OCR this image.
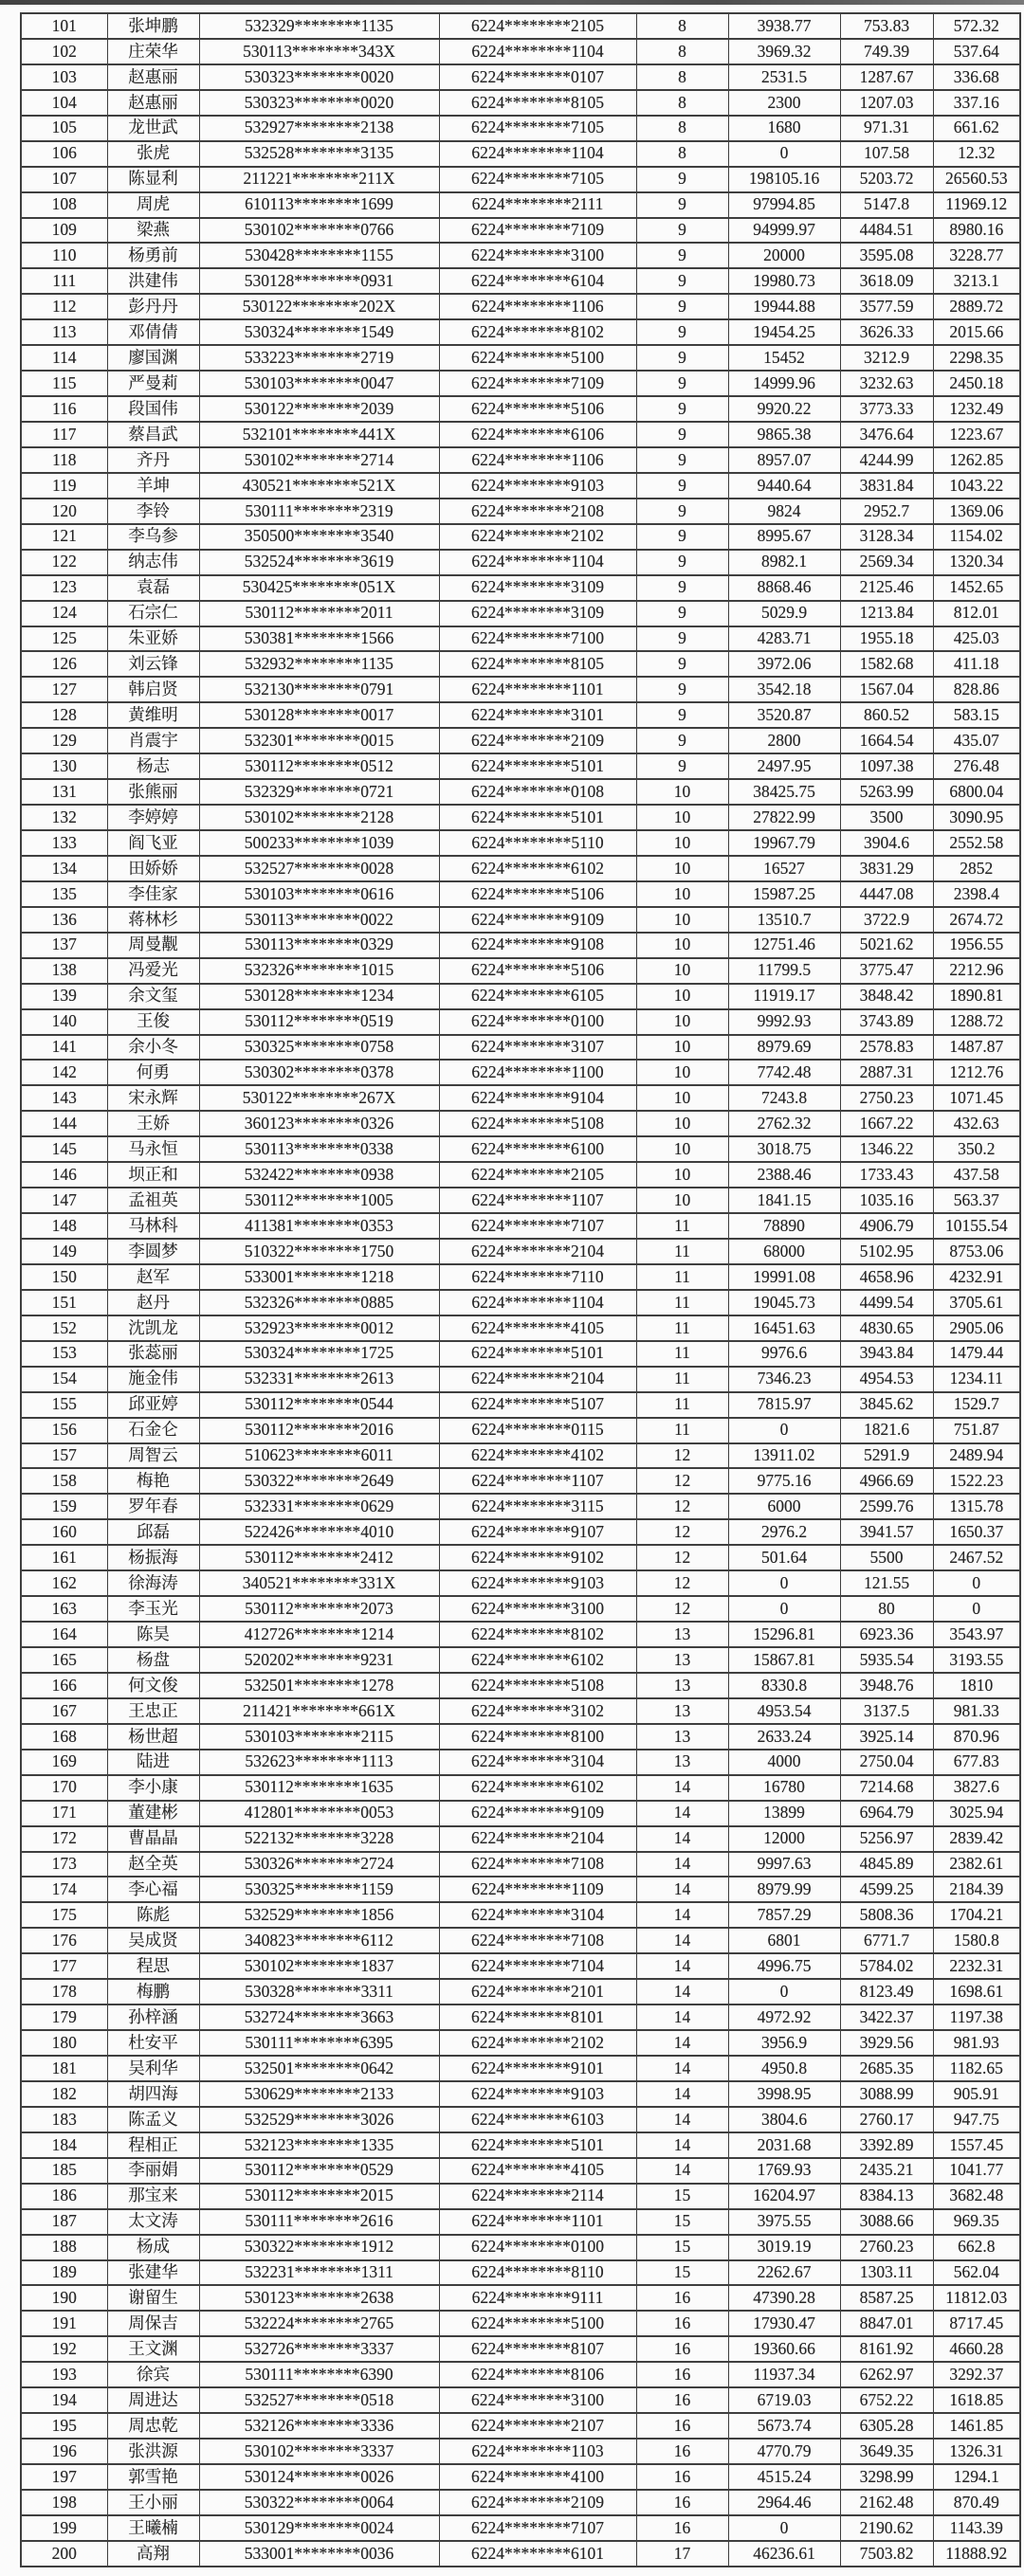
101	张坤鹏	532329********1135	6224********2105	8	3938.77	753.83	572.32
102	庄荣华	530113********343X	6224********1104	8	3969.32	749.39	537.64
103	赵惠丽	530323********0020	6224********0107	8	2531.5	1287.67	336.68
104	赵惠丽	530323********0020	6224********8105	8	2300	1207.03	337.16
105	龙世武	532927********2138	6224********7105	8	1680	971.31	661.62
106	张虎	532528********3135	6224********1104	8	0	107.58	12.32
107	陈显利	211221********211X	6224********7105	9	198105.16	5203.72	26560.53
108	周虎	610113********1699	6224********2111	9	97994.85	5147.8	11969.12
109	梁燕	530102********0766	6224********7109	9	94999.97	4484.51	8980.16
110	杨勇前	530428********1155	6224********3100	9	20000	3595.08	3228.77
111	洪建伟	530128********0931	6224********6104	9	19980.73	3618.09	3213.1
112	彭丹丹	530122********202X	6224********1106	9	19944.88	3577.59	2889.72
113	邓倩倩	530324********1549	6224********8102	9	19454.25	3626.33	2015.66
114	廖国渊	533223********2719	6224********5100	9	15452	3212.9	2298.35
115	严曼莉	530103********0047	6224********7109	9	14999.96	3232.63	2450.18
116	段国伟	530122********2039	6224********5106	9	9920.22	3773.33	1232.49
117	蔡昌武	532101********441X	6224********6106	9	9865.38	3476.64	1223.67
118	齐丹	530102********2714	6224********1106	9	8957.07	4244.99	1262.85
119	羊坤	430521********521X	6224********9103	9	9440.64	3831.84	1043.22
120	李铃	530111********2319	6224********2108	9	9824	2952.7	1369.06
121	李乌参	350500********3540	6224********2102	9	8995.67	3128.34	1154.02
122	纳志伟	532524********3619	6224********1104	9	8982.1	2569.34	1320.34
123	袁磊	530425********051X	6224********3109	9	8868.46	2125.46	1452.65
124	石宗仁	530112********2011	6224********3109	9	5029.9	1213.84	812.01
125	朱亚娇	530381********1566	6224********7100	9	4283.71	1955.18	425.03
126	刘云锋	532932********1135	6224********8105	9	3972.06	1582.68	411.18
127	韩启贤	532130********0791	6224********1101	9	3542.18	1567.04	828.86
128	黄维明	530128********0017	6224********3101	9	3520.87	860.52	583.15
129	肖震宇	532301********0015	6224********2109	9	2800	1664.54	435.07
130	杨志	530112********0512	6224********5101	9	2497.95	1097.38	276.48
131	张熊丽	532329********0721	6224********0108	10	38425.75	5263.99	6800.04
132	李婷婷	530102********2128	6224********5101	10	27822.99	3500	3090.95
133	阎飞亚	500233********1039	6224********5110	10	19967.79	3904.6	2552.58
134	田娇娇	532527********0028	6224********6102	10	16527	3831.29	2852
135	李佳家	530103********0616	6224********5106	10	15987.25	4447.08	2398.4
136	蒋林杉	530113********0022	6224********9109	10	13510.7	3722.9	2674.72
137	周曼觏	530113********0329	6224********9108	10	12751.46	5021.62	1956.55
138	冯爱光	532326********1015	6224********5106	10	11799.5	3775.47	2212.96
139	余文玺	530128********1234	6224********6105	10	11919.17	3848.42	1890.81
140	王俊	530112********0519	6224********0100	10	9992.93	3743.89	1288.72
141	余小冬	530325********0758	6224********3107	10	8979.69	2578.83	1487.87
142	何勇	530302********0378	6224********1100	10	7742.48	2887.31	1212.76
143	宋永辉	530122********267X	6224********9104	10	7243.8	2750.23	1071.45
144	王娇	360123********0326	6224********5108	10	2762.32	1667.22	432.63
145	马永恒	530113********0338	6224********6100	10	3018.75	1346.22	350.2
146	坝正和	532422********0938	6224********2105	10	2388.46	1733.43	437.58
147	孟祖英	530112********1005	6224********1107	10	1841.15	1035.16	563.37
148	马林科	411381********0353	6224********7107	11	78890	4906.79	10155.54
149	李圆梦	510322********1750	6224********2104	11	68000	5102.95	8753.06
150	赵军	533001********1218	6224********7110	11	19991.08	4658.96	4232.91
151	赵丹	532326********0885	6224********1104	11	19045.73	4499.54	3705.61
152	沈凯龙	532923********0012	6224********4105	11	16451.63	4830.65	2905.06
153	张蕊丽	530324********1725	6224********5101	11	9976.6	3943.84	1479.44
154	施金伟	532331********2613	6224********2104	11	7346.23	4954.53	1234.11
155	邱亚婷	530112********0544	6224********5107	11	7815.97	3845.62	1529.7
156	石金仑	530112********2016	6224********0115	11	0	1821.6	751.87
157	周智云	510623********6011	6224********4102	12	13911.02	5291.9	2489.94
158	梅艳	530322********2649	6224********1107	12	9775.16	4966.69	1522.23
159	罗年春	532331********0629	6224********3115	12	6000	2599.76	1315.78
160	邱磊	522426********4010	6224********9107	12	2976.2	3941.57	1650.37
161	杨振海	530112********2412	6224********9102	12	501.64	5500	2467.52
162	徐海涛	340521********331X	6224********9103	12	0	121.55	0
163	李玉光	530112********2073	6224********3100	12	0	80	0
164	陈昊	412726********1214	6224********8102	13	15296.81	6923.36	3543.97
165	杨盘	520202********9231	6224********6102	13	15867.81	5935.54	3193.55
166	何文俊	532501********1278	6224********5108	13	8330.8	3948.76	1810
167	王忠正	211421********661X	6224********3102	13	4953.54	3137.5	981.33
168	杨世超	530103********2115	6224********8100	13	2633.24	3925.14	870.96
169	陆进	532623********1113	6224********3104	13	4000	2750.04	677.83
170	李小康	530112********1635	6224********6102	14	16780	7214.68	3827.6
171	董建彬	412801********0053	6224********9109	14	13899	6964.79	3025.94
172	曹晶晶	522132********3228	6224********2104	14	12000	5256.97	2839.42
173	赵全英	530326********2724	6224********7108	14	9997.63	4845.89	2382.61
174	李心福	530325********1159	6224********1109	14	8979.99	4599.25	2184.39
175	陈彪	532529********1856	6224********3104	14	7857.29	5808.36	1704.21
176	吴成贤	340823********6112	6224********7108	14	6801	6771.7	1580.8
177	程思	530102********1837	6224********7104	14	4996.75	5784.02	2232.31
178	梅鹏	530328********3311	6224********2101	14	0	8123.49	1698.61
179	孙梓涵	532724********3663	6224********8101	14	4972.92	3422.37	1197.38
180	杜安平	530111********6395	6224********2102	14	3956.9	3929.56	981.93
181	吴利华	532501********0642	6224********9101	14	4950.8	2685.35	1182.65
182	胡四海	530629********2133	6224********9103	14	3998.95	3088.99	905.91
183	陈孟义	532529********3026	6224********6103	14	3804.6	2760.17	947.75
184	程相正	532123********1335	6224********5101	14	2031.68	3392.89	1557.45
185	李丽娟	530112********0529	6224********4105	14	1769.93	2435.21	1041.77
186	那宝来	530112********2015	6224********2114	15	16204.97	8384.13	3682.48
187	太文涛	530111********2616	6224********1101	15	3975.55	3088.66	969.35
188	杨成	530322********1912	6224********0100	15	3019.19	2760.23	662.8
189	张建华	532231********1311	6224********8110	15	2262.67	1303.11	562.04
190	谢留生	530123********2638	6224********9111	16	47390.28	8587.25	11812.03
191	周保吉	532224********2765	6224********5100	16	17930.47	8847.01	8717.45
192	王文渊	532726********3337	6224********8107	16	19360.66	8161.92	4660.28
193	徐宾	530111********6390	6224********8106	16	11937.34	6262.97	3292.37
194	周进达	532527********0518	6224********3100	16	6719.03	6752.22	1618.85
195	周忠乾	532126********3336	6224********2107	16	5673.74	6305.28	1461.85
196	张洪源	530102********3337	6224********1103	16	4770.79	3649.35	1326.31
197	郭雪艳	530124********0026	6224********4100	16	4515.24	3298.99	1294.1
198	王小丽	530322********0064	6224********2109	16	2964.46	2162.48	870.49
199	王曦楠	530129********0024	6224********7107	16	0	2190.62	1143.39
200	高翔	533001********0036	6224********6101	17	46236.61	7503.82	11888.92
